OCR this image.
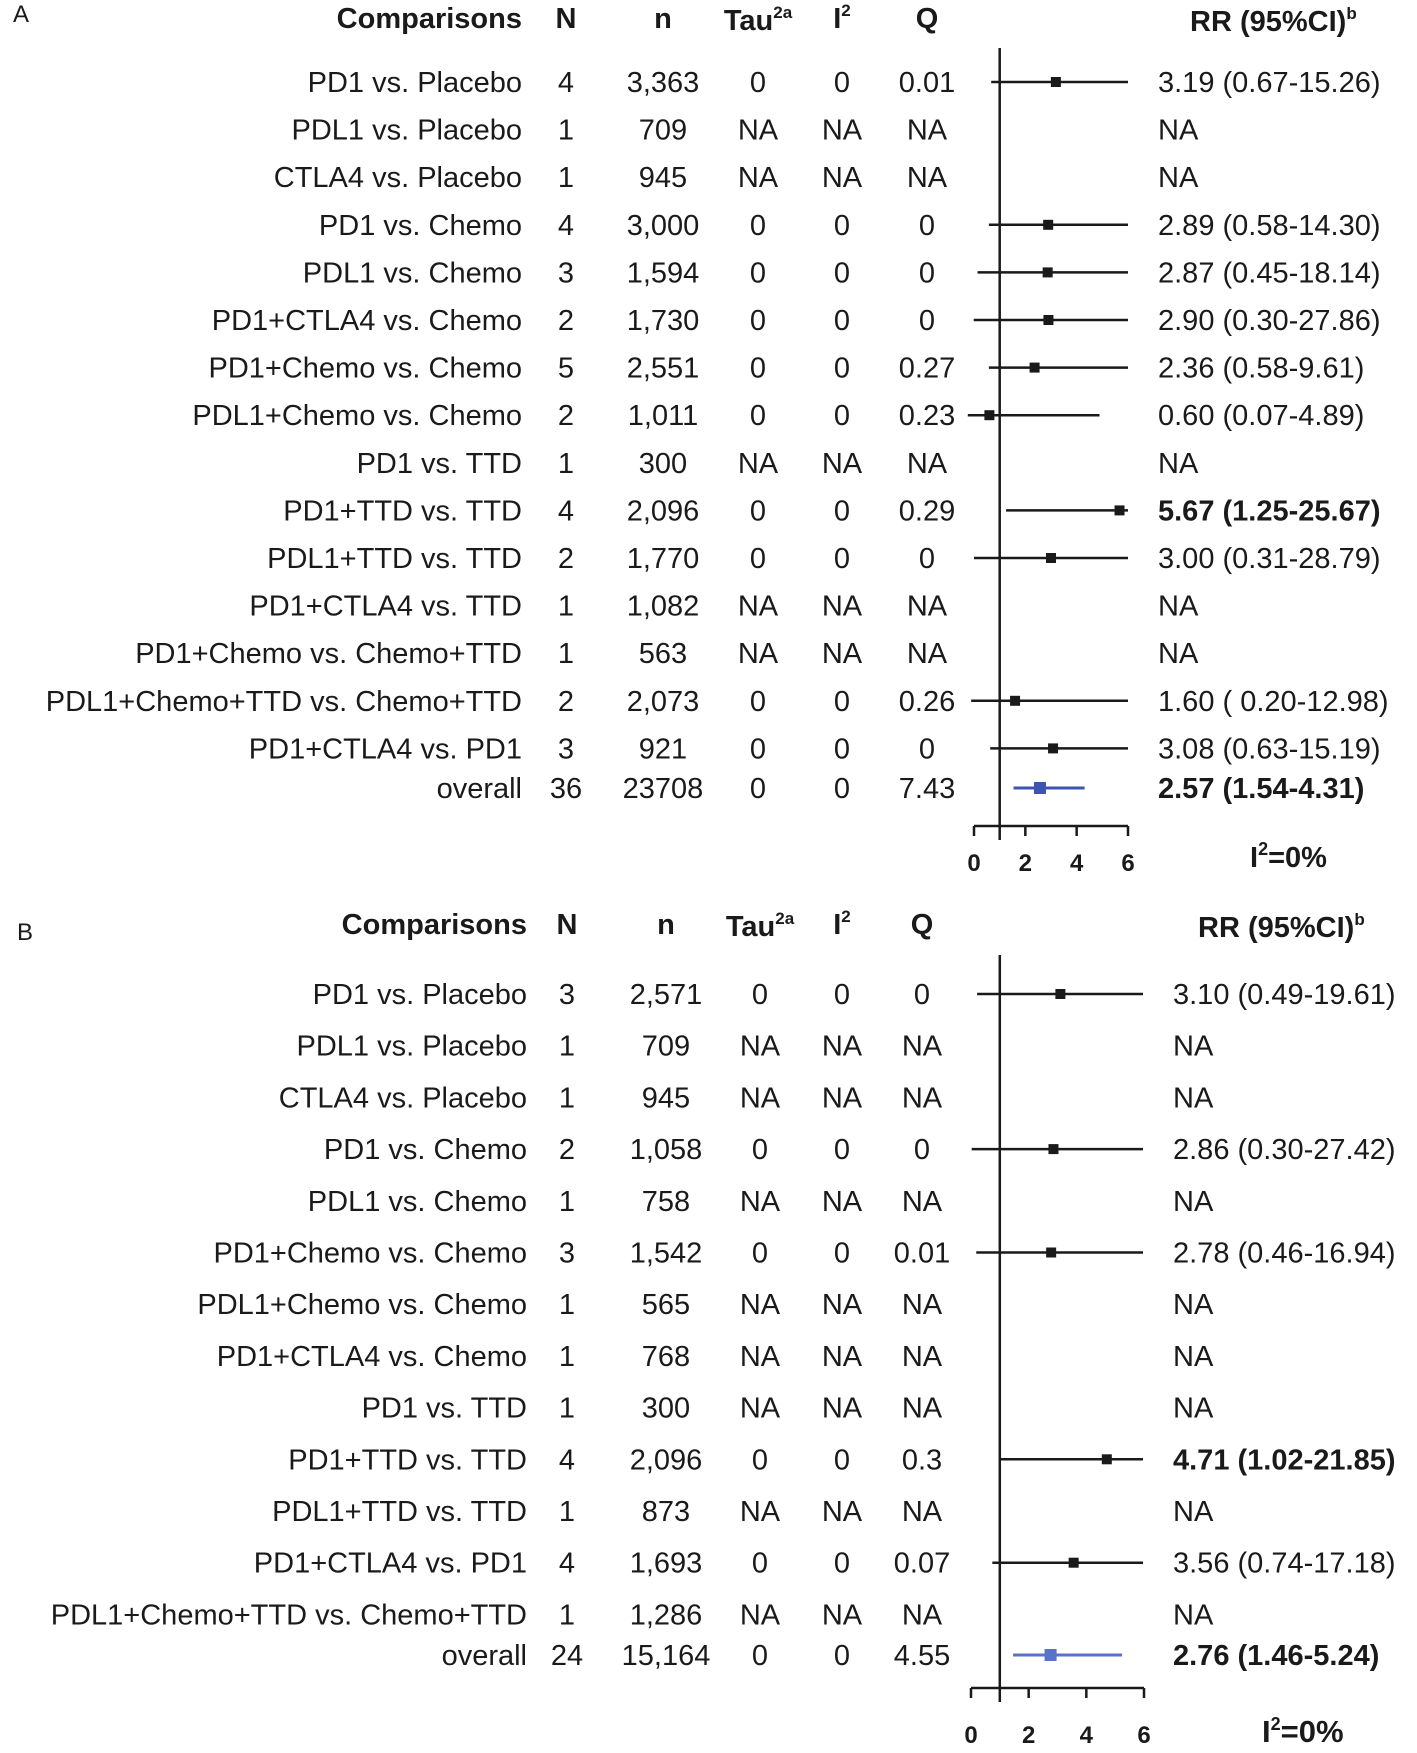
A	Comparisons N	n Tau$^{2a}$ $I^2$ Q	RR $(95\%CI)^b$
PD1 vs. Placebo 4 3,363 0 0 0.01	3.19 (0.67-15.26)
PDL1 vs. Placebo 1 709 NA NA NA	NA
CTLA4 vs. Placebo 1 945 NA NA NA	NA
PD1 vs. Chemo 4 3,000 0 0 0	2.89 (0.58-14.30)
PDL1 vs. Chemo 3 1,594 0 0 0	2.87 (0.45-18.14)
PD1+CTLA4 vs. Chemo 2 1,730 0 0 0	2.90 (0.30-27.86)
PD1+Chemo vs. Chemo 5 2,551 0 0 0.27	2.36 (0.58-9.61)
PDL1+Chemo vs. Chemo 2 1,011 0 0 0.23	0.60 (0.07-4.89)
PD1 vs. TTD 1 300 NA NA NA	NA
PD1+TTD vs. TTD 4 2,096 0 0 0.29	5.67 (1.25-25.67)
PDL1+TTD vs. TTD 2 1,770 0 0 0	3.00 (0.31-28.79)
PD1+CTLA4 vs. TTD 1 1,082 NA NA NA	NA
PD1+Chemo vs. Chemo+TTD 1 563 NA NA NA	NA
PDL1+Chemo+TTD vs. Chemo+TTD 2 2,073 0 0 0.26	1.60 ( 0.20-12.98)
PD1+CTLA4 vs. PD1 3 921 0 0 0	3.08 (0.63-15.19)
overall 36 23708 0 0 7.43	2.57 (1.54-4.31)
0 2 4 6	$I^2=0\%$
B	Comparisons N	n Tau$^{2a}$ $I^2$ Q	RR $(95\%CI)^b$
PD1 vs. Placebo 3 2,571 0 0 0	3.10 (0.49-19.61)
PDL1 vs. Placebo 1 709 NA NA NA	NA
CTLA4 vs. Placebo 1 945 NA NA NA	NA
PD1 vs. Chemo 2 1,058 0 0 0	2.86 (0.30-27.42)
PDL1 vs. Chemo 1 758 NA NA NA	NA
PD1+Chemo vs. Chemo 3 1,542 0 0 0.01	2.78 (0.46-16.94)
PDL1+Chemo vs. Chemo 1 565 NA NA NA	NA
PD1+CTLA4 vs. Chemo 1 768 NA NA NA	NA
PD1 vs. TTD 1 300 NA NA NA	NA
PD1+TTD vs. TTD 4 2,096 0 0 0.3	4.71 (1.02-21.85)
PDL1+TTD vs. TTD 1 873 NA NA NA	NA
PD1+CTLA4 vs. PD1 4 1,693 0 0 0.07	3.56 (0.74-17.18)
PDL1+Chemo+TTD vs. Chemo+TTD 1 1,286 NA NA NA	NA
overall 24 15,164 0 0 4.55	2.76 (1.46-5.24)
0 2 4 6	$I^2=0\%$
